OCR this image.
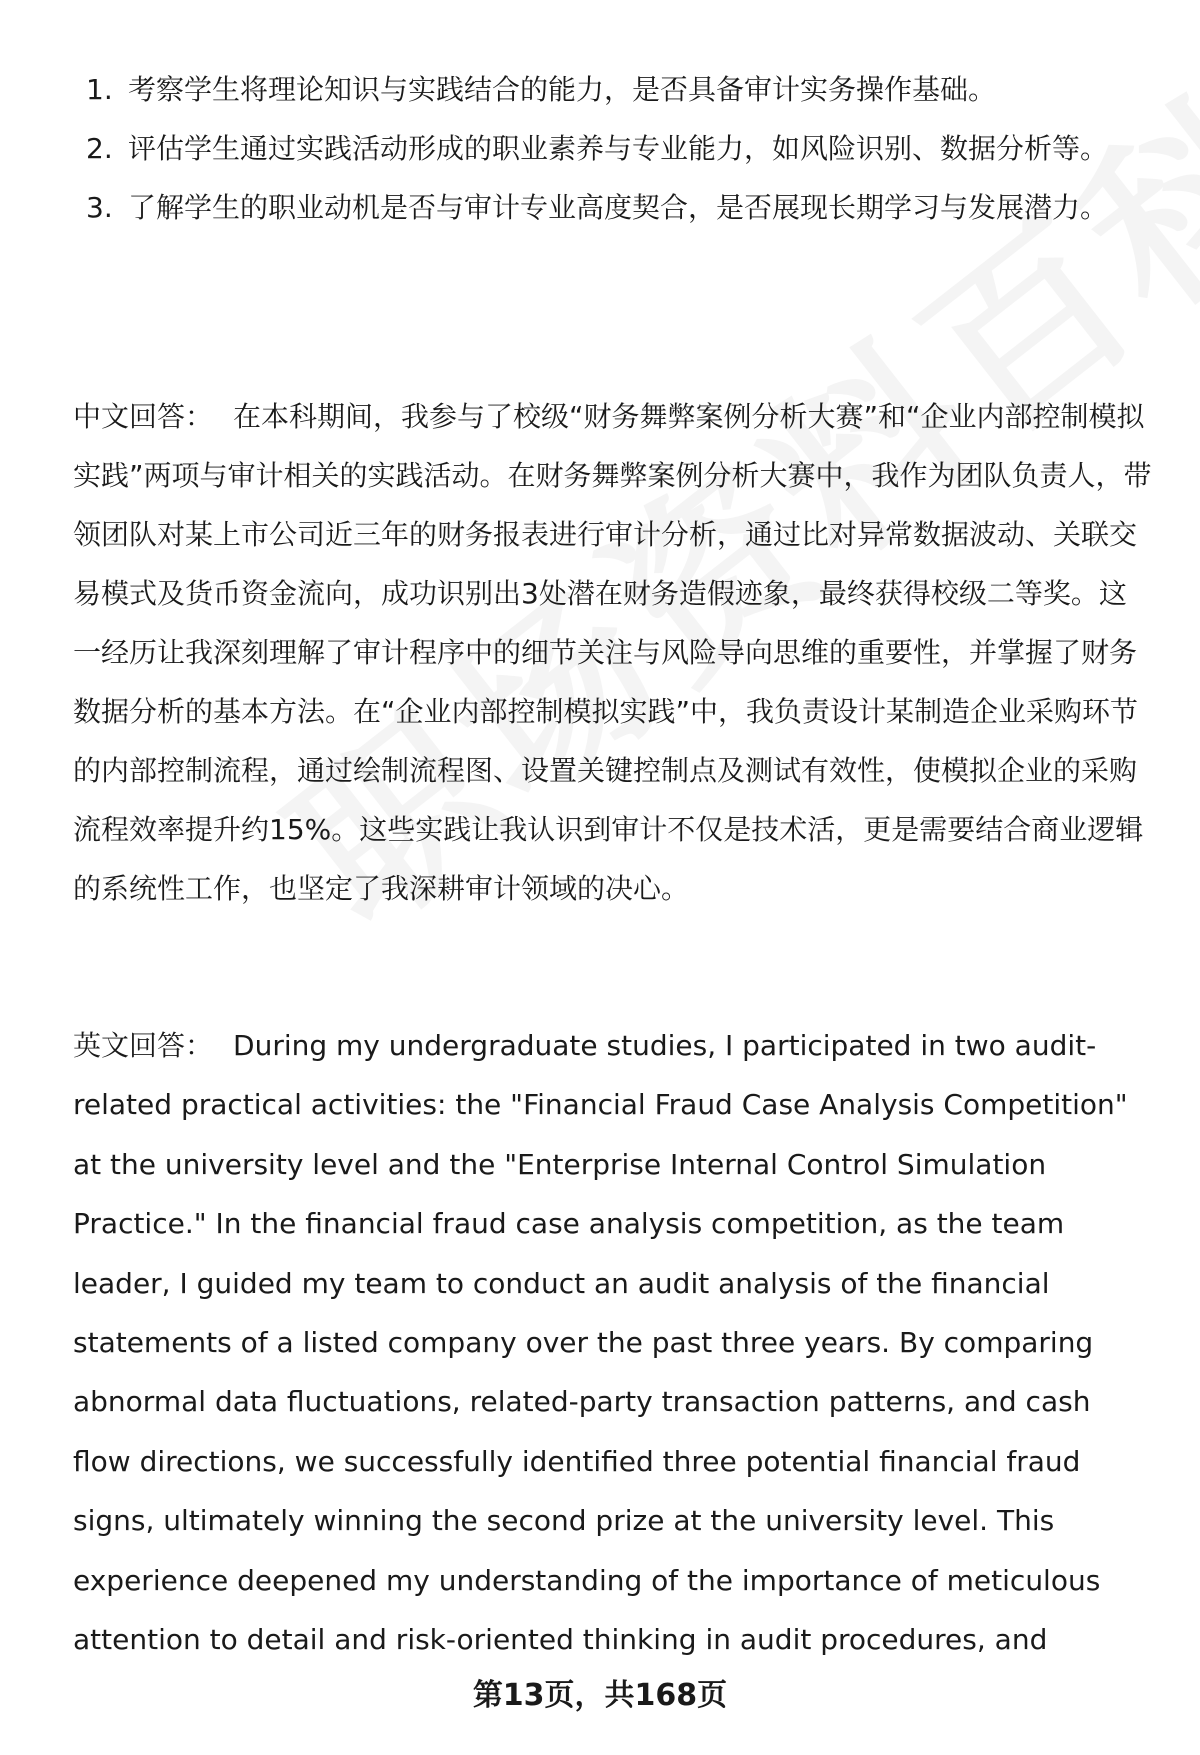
1. 考察学生将理论知识与实践结合的能力，是否具备审计实务操作基础。
2. 评估学生通过实践活动形成的职业素养与专业能力，如风险识别、数据分析等。
3. 了解学生的职业动机是否与审计专业高度契合，是否展现长期学习与发展潜力。

中文回答： 在本科期间，我参与了校级“财务舞弊案例分析大赛”和“企业内部控制模拟实践”两项与审计相关的实践活动。在财务舞弊案例分析大赛中，我作为团队负责人，带领团队对某上市公司近三年的财务报表进行审计分析，通过比对异常数据波动、关联交易模式及货币资金流向，成功识别出3处潜在财务造假迹象，最终获得校级二等奖。这一经历让我深刻理解了审计程序中的细节关注与风险导向思维的重要性，并掌握了财务数据分析的基本方法。在“企业内部控制模拟实践”中，我负责设计某制造企业采购环节的内部控制流程，通过绘制流程图、设置关键控制点及测试有效性，使模拟企业的采购流程效率提升约15%。这些实践让我认识到审计不仅是技术活，更是需要结合商业逻辑的系统性工作，也坚定了我深耕审计领域的决心。

英文回答： During my undergraduate studies, I participated in two audit-related practical activities: the "Financial Fraud Case Analysis Competition" at the university level and the "Enterprise Internal Control Simulation Practice." In the financial fraud case analysis competition, as the team leader, I guided my team to conduct an audit analysis of the financial statements of a listed company over the past three years. By comparing abnormal data fluctuations, related-party transaction patterns, and cash flow directions, we successfully identified three potential financial fraud signs, ultimately winning the second prize at the university level. This experience deepened my understanding of the importance of meticulous attention to detail and risk-oriented thinking in audit procedures, and

第13页，共168页
